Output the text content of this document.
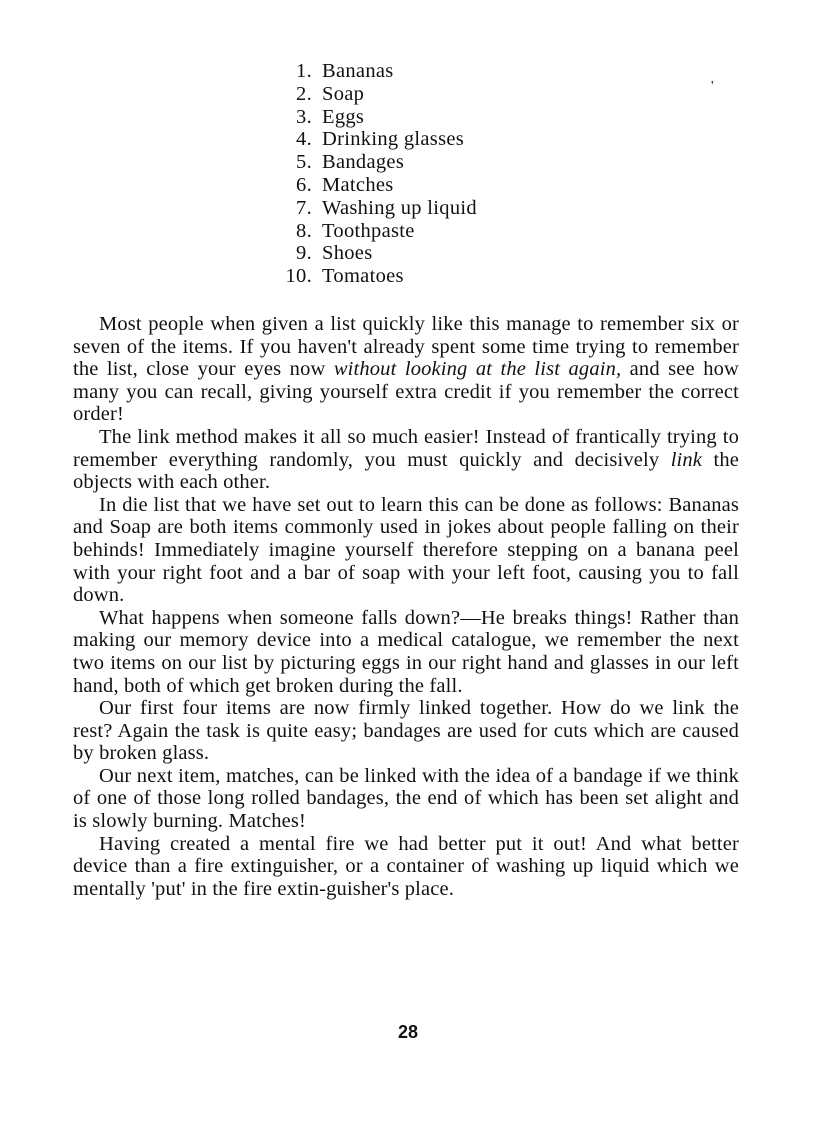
1. Bananas
2. Soap
3. Eggs
4. Drinking glasses
5. Bandages
6. Matches
7. Washing up liquid
8. Toothpaste
9. Shoes
10. Tomatoes
'

Most people when given a list quickly like this manage to remember six or seven of the items. If you haven't already spent some time trying to remember the list, close your eyes now without looking at the list again, and see how many you can recall, giving yourself extra credit if you remember the correct order!

The link method makes it all so much easier! Instead of frantically trying to remember everything randomly, you must quickly and decisively link the objects with each other.

In die list that we have set out to learn this can be done as follows: Bananas and Soap are both items commonly used in jokes about people falling on their behinds! Immediately imagine yourself therefore stepping on a banana peel with your right foot and a bar of soap with your left foot, causing you to fall down.

What happens when someone falls down?—He breaks things! Rather than making our memory device into a medical catalogue, we remember the next two items on our list by picturing eggs in our right hand and glasses in our left hand, both of which get broken during the fall.

Our first four items are now firmly linked together. How do we link the rest? Again the task is quite easy; bandages are used for cuts which are caused by broken glass.

Our next item, matches, can be linked with the idea of a bandage if we think of one of those long rolled bandages, the end of which has been set alight and is slowly burning. Matches!

Having created a mental fire we had better put it out! And what better device than a fire extinguisher, or a container of washing up liquid which we mentally 'put' in the fire extin-guisher's place.

28
